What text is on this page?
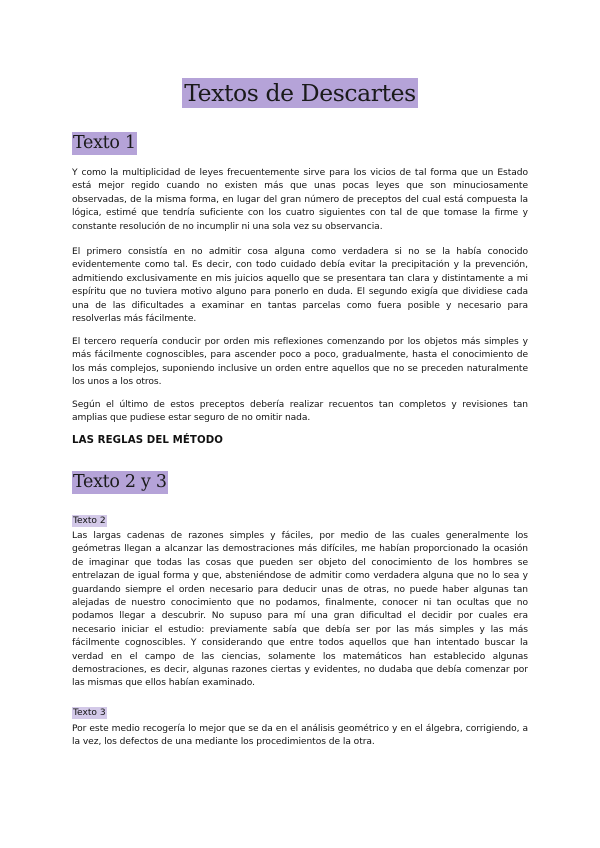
Textos de Descartes
Texto 1

Y como la multiplicidad de leyes frecuentemente sirve para los vicios de tal forma que un Estado está mejor regido cuando no existen más que unas pocas leyes que son minuciosamente observadas, de la misma forma, en lugar del gran número de preceptos del cual está compuesta la lógica, estimé que tendría suficiente con los cuatro siguientes con tal de que tomase la firme y constante resolución de no incumplir ni una sola vez su observancia.

El primero consistía en no admitir cosa alguna como verdadera si no se la había conocido evidentemente como tal. Es decir, con todo cuidado debía evitar la precipitación y la prevención, admitiendo exclusivamente en mis juicios aquello que se presentara tan clara y distintamente a mi espíritu que no tuviera motivo alguno para ponerlo en duda. El segundo exigía que dividiese cada una de las dificultades a examinar en tantas parcelas como fuera posible y necesario para resolverlas más fácilmente.

El tercero requería conducir por orden mis reflexiones comenzando por los objetos más simples y más fácilmente cognoscibles, para ascender poco a poco, gradualmente, hasta el conocimiento de los más complejos, suponiendo inclusive un orden entre aquellos que no se preceden naturalmente los unos a los otros.

Según el último de estos preceptos debería realizar recuentos tan completos y revisiones tan amplias que pudiese estar seguro de no omitir nada.

LAS REGLAS DEL MÉTODO
Texto 2 y 3
Texto 2

Las largas cadenas de razones simples y fáciles, por medio de las cuales generalmente los geómetras llegan a alcanzar las demostraciones más difíciles, me habían proporcionado la ocasión de imaginar que todas las cosas que pueden ser objeto del conocimiento de los hombres se entrelazan de igual forma y que, absteniéndose de admitir como verdadera alguna que no lo sea y guardando siempre el orden necesario para deducir unas de otras, no puede haber algunas tan alejadas de nuestro conocimiento que no podamos, finalmente, conocer ni tan ocultas que no podamos llegar a descubrir. No supuso para mí una gran dificultad el decidir por cuales era necesario iniciar el estudio: previamente sabía que debía ser por las más simples y las más fácilmente cognoscibles. Y considerando que entre todos aquellos que han intentado buscar la verdad en el campo de las ciencias, solamente los matemáticos han establecido algunas demostraciones, es decir, algunas razones ciertas y evidentes, no dudaba que debía comenzar por las mismas que ellos habían examinado.

Texto 3

Por este medio recogería lo mejor que se da en el análisis geométrico y en el álgebra, corrigiendo, a la vez, los defectos de una mediante los procedimientos de la otra.
